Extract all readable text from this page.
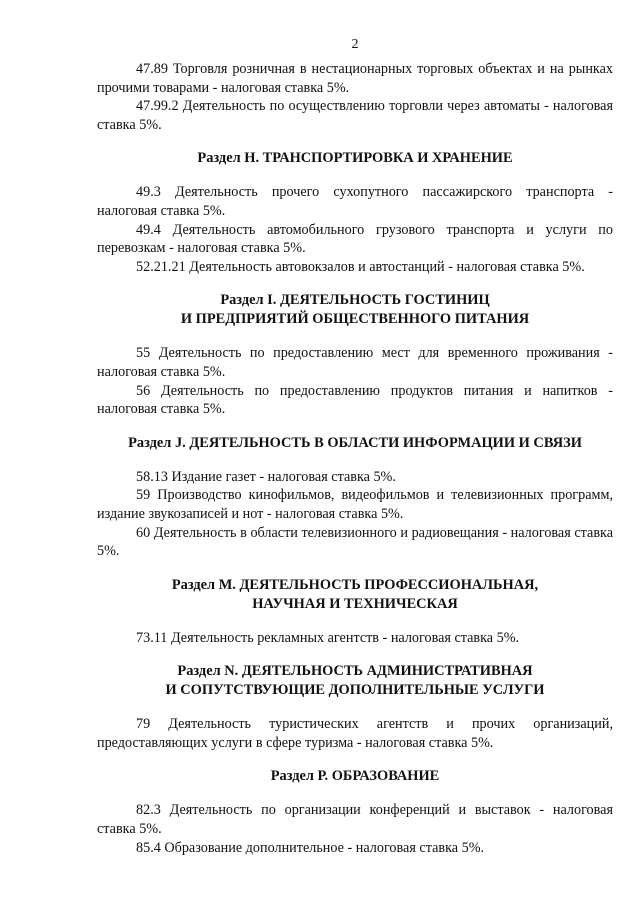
2

47.89 Торговля розничная в нестационарных торговых объектах и на рынках прочими товарами - налоговая ставка 5%.

47.99.2 Деятельность по осуществлению торговли через автоматы - налоговая ставка 5%.

Раздел H. ТРАНСПОРТИРОВКА И ХРАНЕНИЕ

49.3 Деятельность прочего сухопутного пассажирского транспорта - налоговая ставка 5%.

49.4 Деятельность автомобильного грузового транспорта и услуги по перевозкам - налоговая ставка 5%.

52.21.21 Деятельность автовокзалов и автостанций - налоговая ставка 5%.

Раздел I. ДЕЯТЕЛЬНОСТЬ ГОСТИНИЦ
И ПРЕДПРИЯТИЙ ОБЩЕСТВЕННОГО ПИТАНИЯ

55 Деятельность по предоставлению мест для временного проживания - налоговая ставка 5%.

56 Деятельность по предоставлению продуктов питания и напитков - налоговая ставка 5%.

Раздел J. ДЕЯТЕЛЬНОСТЬ В ОБЛАСТИ ИНФОРМАЦИИ И СВЯЗИ

58.13 Издание газет - налоговая ставка 5%.

59 Производство кинофильмов, видеофильмов и телевизионных программ, издание звукозаписей и нот - налоговая ставка 5%.

60 Деятельность в области телевизионного и радиовещания - налоговая ставка 5%.

Раздел М. ДЕЯТЕЛЬНОСТЬ ПРОФЕССИОНАЛЬНАЯ,
НАУЧНАЯ И ТЕХНИЧЕСКАЯ

73.11 Деятельность рекламных агентств - налоговая ставка 5%.

Раздел N. ДЕЯТЕЛЬНОСТЬ АДМИНИСТРАТИВНАЯ
И СОПУТСТВУЮЩИЕ ДОПОЛНИТЕЛЬНЫЕ УСЛУГИ

79 Деятельность туристических агентств и прочих организаций, предоставляющих услуги в сфере туризма - налоговая ставка 5%.

Раздел Р. ОБРАЗОВАНИЕ

82.3 Деятельность по организации конференций и выставок - налоговая ставка 5%.

85.4 Образование дополнительное - налоговая ставка 5%.
